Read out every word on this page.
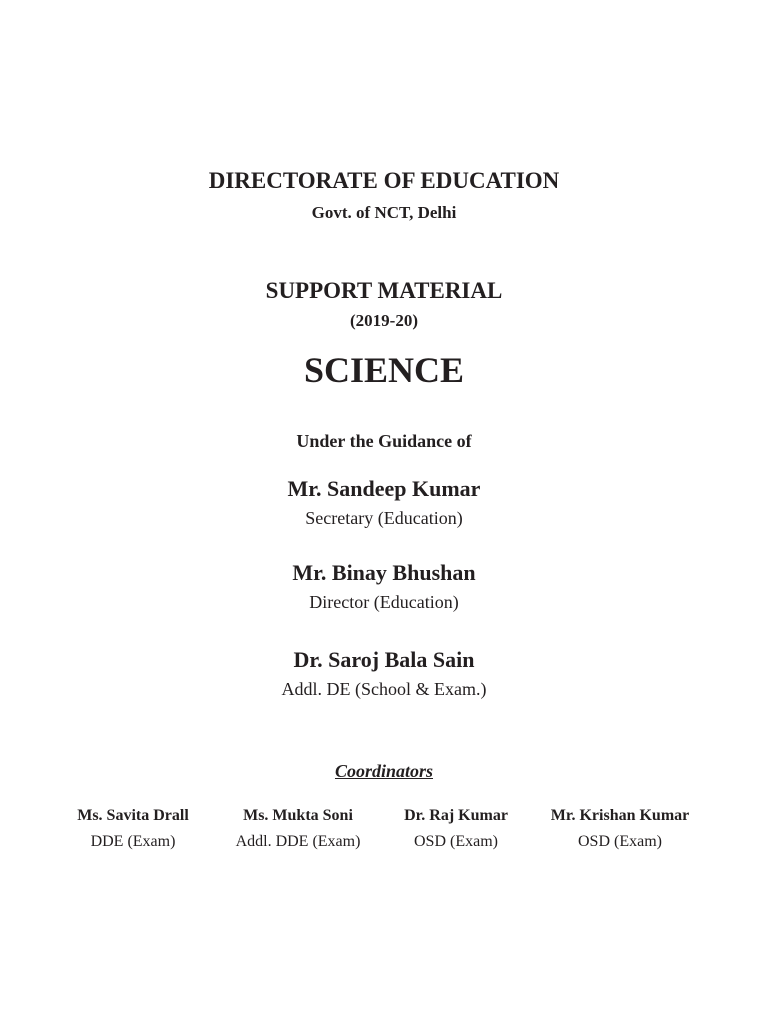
DIRECTORATE OF EDUCATION
Govt. of NCT, Delhi
SUPPORT MATERIAL
(2019-20)
SCIENCE
Under the Guidance of
Mr. Sandeep Kumar
Secretary (Education)
Mr. Binay Bhushan
Director (Education)
Dr. Saroj Bala Sain
Addl. DE (School & Exam.)
Coordinators
Ms. Savita Drall
DDE (Exam)
Ms. Mukta Soni
Addl. DDE (Exam)
Dr. Raj Kumar
OSD (Exam)
Mr. Krishan Kumar
OSD (Exam)
